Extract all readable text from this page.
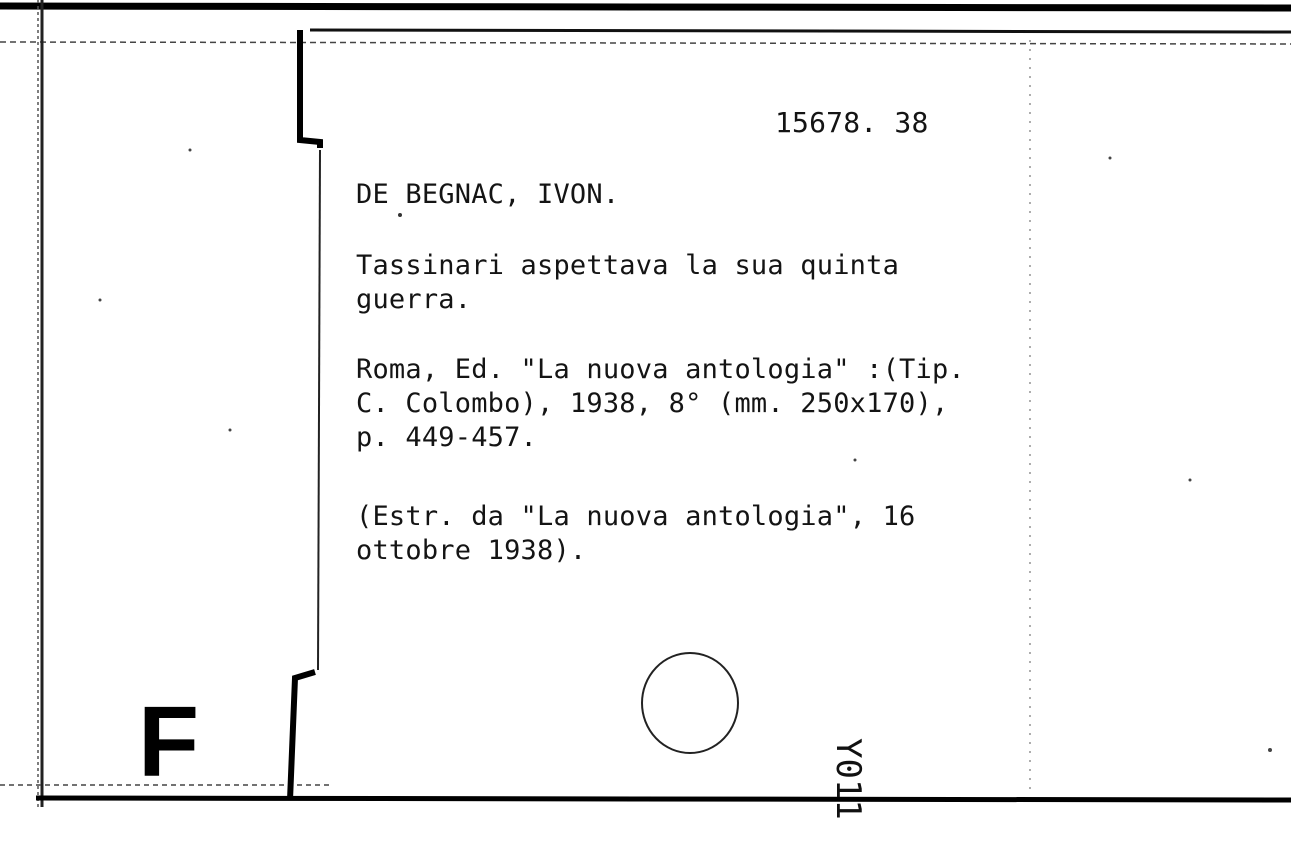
15678. 38
DE BEGNAC, IVON.
Tassinari aspettava la sua quinta
guerra.
Roma, Ed. "La nuova antologia" :(Tip.
C. Colombo), 1938, 8° (mm. 250x170),
p. 449-457.
(Estr. da "La nuova antologia", 16
ottobre 1938).
F	Y011
